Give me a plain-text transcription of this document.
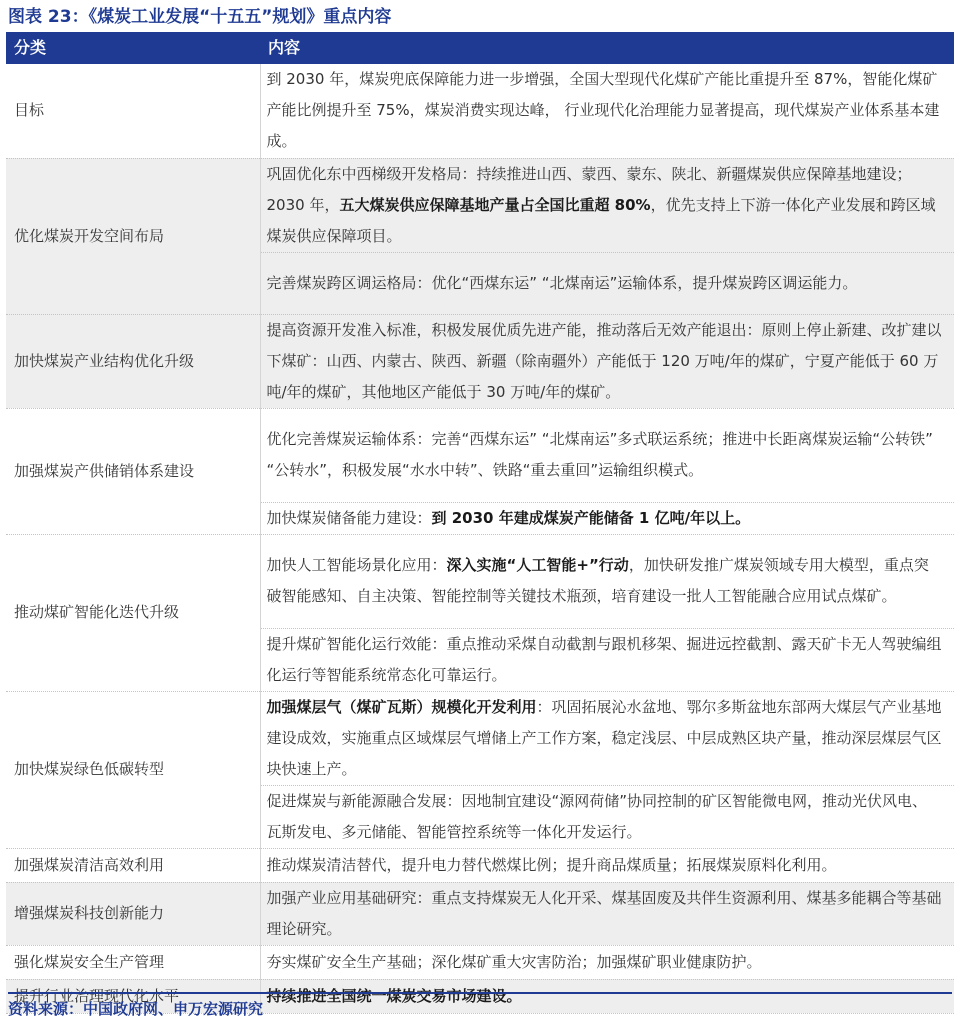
图表 23：《煤炭工业发展“十五五”规划》重点内容
分类	内容
目标	到 2030 年，煤炭兜底保障能力进一步增强，全国大型现代化煤矿产能比重提升至 87%，智能化煤矿产能比例提升至 75%，煤炭消费实现达峰， 行业现代化治理能力显著提高，现代煤炭产业体系基本建成。
优化煤炭开发空间布局	巩固优化东中西梯级开发格局：持续推进山西、蒙西、蒙东、陕北、新疆煤炭供应保障基地建设；2030 年，五大煤炭供应保障基地产量占全国比重超 80%，优先支持上下游一体化产业发展和跨区域煤炭供应保障项目。
	完善煤炭跨区调运格局：优化“西煤东运” “北煤南运”运输体系，提升煤炭跨区调运能力。
加快煤炭产业结构优化升级	提高资源开发准入标准，积极发展优质先进产能，推动落后无效产能退出：原则上停止新建、改扩建以下煤矿：山西、内蒙古、陕西、新疆（除南疆外）产能低于 120 万吨/年的煤矿，宁夏产能低于 60 万吨/年的煤矿，其他地区产能低于 30 万吨/年的煤矿。
加强煤炭产供储销体系建设	优化完善煤炭运输体系：完善“西煤东运” “北煤南运”多式联运系统；推进中长距离煤炭运输“公转铁” “公转水”，积极发展“水水中转”、铁路“重去重回”运输组织模式。
	加快煤炭储备能力建设：到 2030 年建成煤炭产能储备 1 亿吨/年以上。
推动煤矿智能化迭代升级	加快人工智能场景化应用：深入实施“人工智能+”行动，加快研发推广煤炭领域专用大模型，重点突破智能感知、自主决策、智能控制等关键技术瓶颈，培育建设一批人工智能融合应用试点煤矿。
	提升煤矿智能化运行效能：重点推动采煤自动截割与跟机移架、掘进远控截割、露天矿卡无人驾驶编组化运行等智能系统常态化可靠运行。
加快煤炭绿色低碳转型	加强煤层气（煤矿瓦斯）规模化开发利用：巩固拓展沁水盆地、鄂尔多斯盆地东部两大煤层气产业基地建设成效，实施重点区域煤层气增储上产工作方案，稳定浅层、中层成熟区块产量，推动深层煤层气区块快速上产。
	促进煤炭与新能源融合发展：因地制宜建设“源网荷储”协同控制的矿区智能微电网，推动光伏风电、瓦斯发电、多元储能、智能管控系统等一体化开发运行。
加强煤炭清洁高效利用	推动煤炭清洁替代，提升电力替代燃煤比例；提升商品煤质量；拓展煤炭原料化利用。
增强煤炭科技创新能力	加强产业应用基础研究：重点支持煤炭无人化开采、煤基固废及共伴生资源利用、煤基多能耦合等基础理论研究。
强化煤炭安全生产管理	夯实煤矿安全生产基础；深化煤矿重大灾害防治；加强煤矿职业健康防护。
提升行业治理现代化水平	持续推进全国统一煤炭交易市场建设。
资料来源：中国政府网、申万宏源研究
